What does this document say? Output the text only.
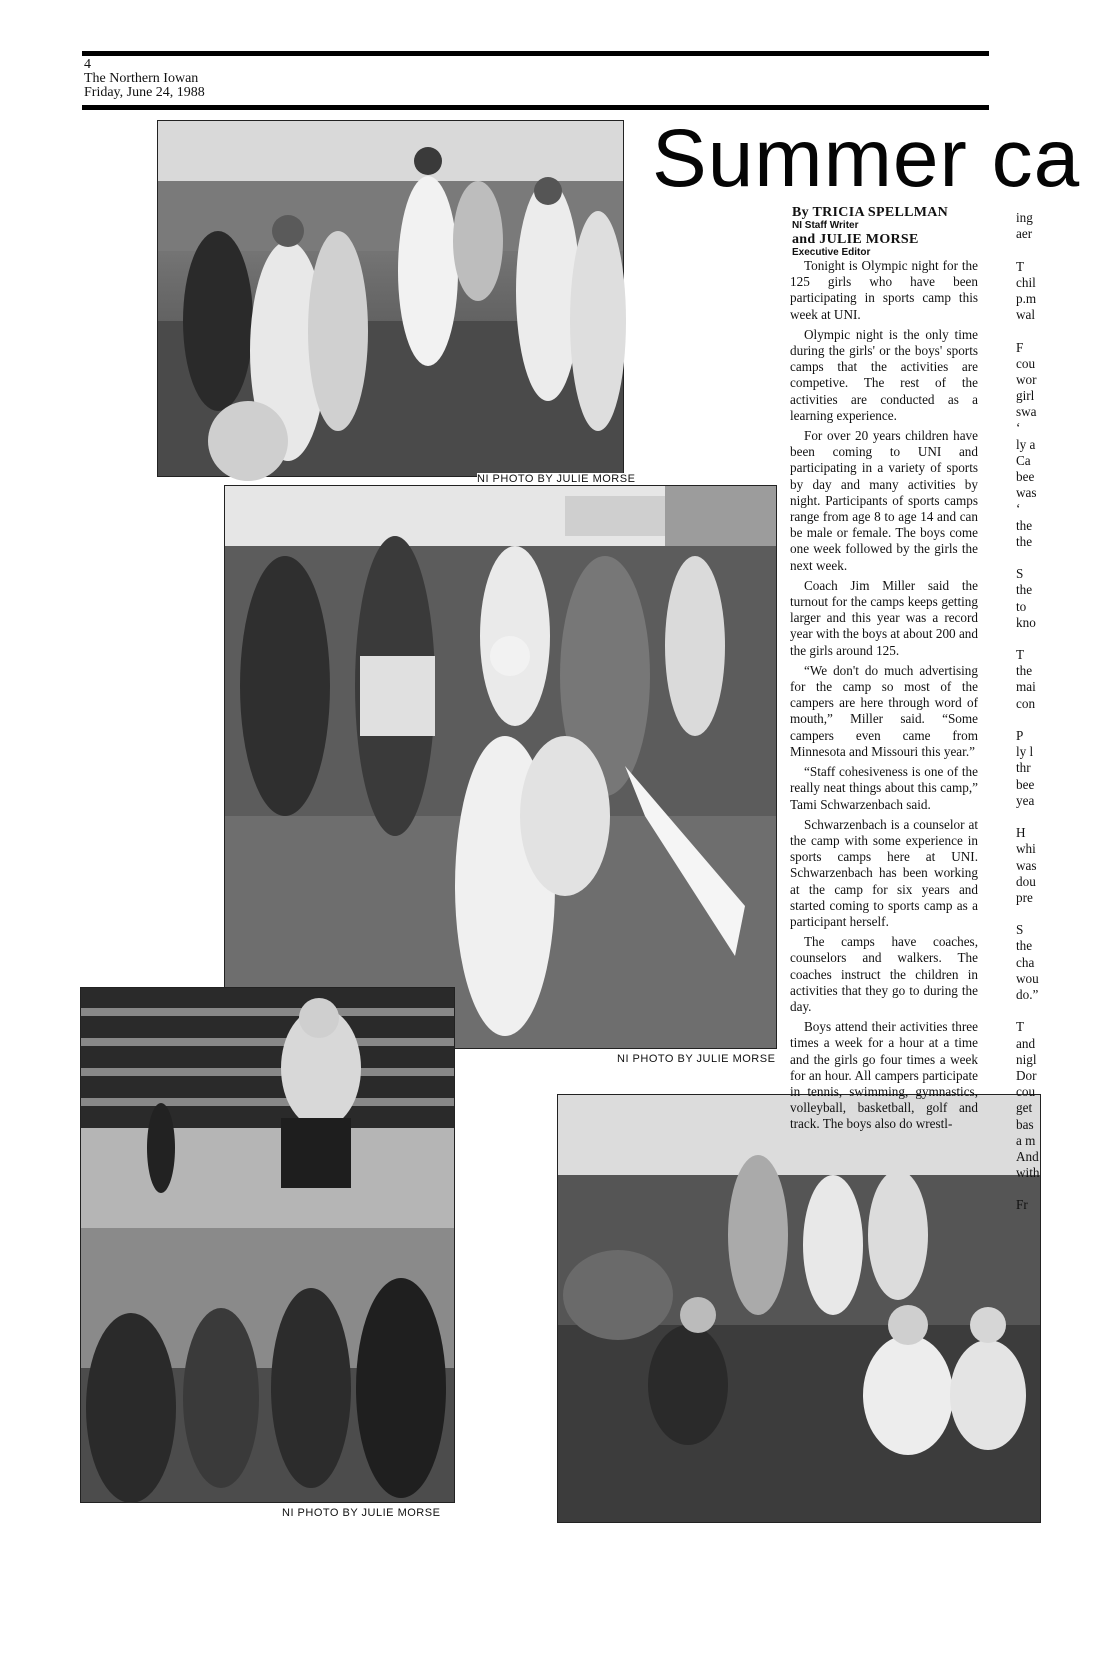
4
The Northern Iowan
Friday, June 24, 1988
Summer ca
NI PHOTO BY JULIE MORSE
NI PHOTO BY JULIE MORSE
NI PHOTO BY JULIE MORSE
By TRICIA SPELLMAN
NI Staff Writer
and JULIE MORSE
Executive Editor

Tonight is Olympic night for the 125 girls who have been participating in sports camp this week at UNI.

Olympic night is the only time during the girls' or the boys' sports camps that the activities are competive. The rest of the activities are conducted as a learning experience.

For over 20 years children have been coming to UNI and participating in a variety of sports by day and many activities by night. Participants of sports camps range from age 8 to age 14 and can be male or female. The boys come one week followed by the girls the next week.

Coach Jim Miller said the turnout for the camps keeps getting larger and this year was a record year with the boys at about 200 and the girls around 125.

“We don't do much advertising for the camp so most of the campers are here through word of mouth,” Miller said. “Some campers even came from Minnesota and Missouri this year.”

“Staff cohesiveness is one of the really neat things about this camp,” Tami Schwarzenbach said.

Schwarzenbach is a counselor at the camp with some experience in sports camps here at UNI. Schwarzenbach has been working at the camp for six years and started coming to sports camp as a participant herself.

The camps have coaches, counselors and walkers. The coaches instruct the children in activities that they go to during the day.

Boys attend their activities three times a week for a hour at a time and the girls go four times a week for an hour. All campers participate in tennis, swimming, gymnastics, volleyball, basketball, golf and track. The boys also do wrestl-

ing
aer
T
chil
p.m
wal
F
cou
wor
girl
swa
‘
ly a
Ca
bee
was
‘
the
the
S
the
to
kno
T
the
mai
con
P
ly l
thr
bee
yea
H
whi
was
dou
pre
S
the
cha
wou
do.”
T
and
nigl
Dor
cou
get
bas
a m
And
with
Fr
